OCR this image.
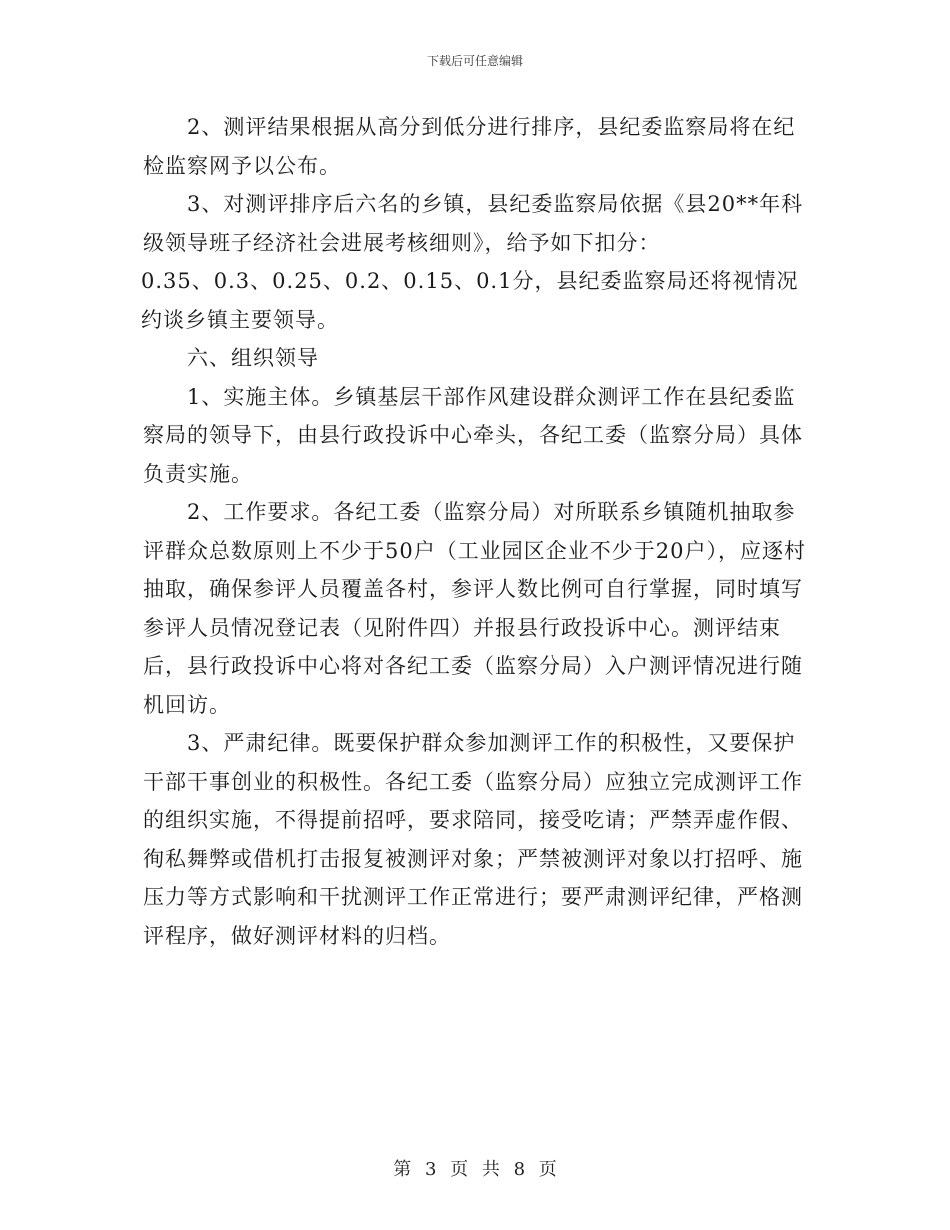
下载后可任意编辑

2、测评结果根据从高分到低分进行排序，县纪委监察局将在纪检监察网予以公布。

3、对测评排序后六名的乡镇，县纪委监察局依据《县20**年科级领导班子经济社会进展考核细则》，给予如下扣分：

0.35、0.3、0.25、0.2、0.15、0.1分，县纪委监察局还将视情况约谈乡镇主要领导。

六、组织领导

1、实施主体。乡镇基层干部作风建设群众测评工作在县纪委监察局的领导下，由县行政投诉中心牵头，各纪工委（监察分局）具体负责实施。

2、工作要求。各纪工委（监察分局）对所联系乡镇随机抽取参评群众总数原则上不少于50户（工业园区企业不少于20户），应逐村抽取，确保参评人员覆盖各村，参评人数比例可自行掌握，同时填写参评人员情况登记表（见附件四）并报县行政投诉中心。测评结束后，县行政投诉中心将对各纪工委（监察分局）入户测评情况进行随机回访。

3、严肃纪律。既要保护群众参加测评工作的积极性，又要保护干部干事创业的积极性。各纪工委（监察分局）应独立完成测评工作的组织实施，不得提前招呼，要求陪同，接受吃请；严禁弄虚作假、徇私舞弊或借机打击报复被测评对象；严禁被测评对象以打招呼、施压力等方式影响和干扰测评工作正常进行；要严肃测评纪律，严格测评程序，做好测评材料的归档。

第 3 页 共 8 页
